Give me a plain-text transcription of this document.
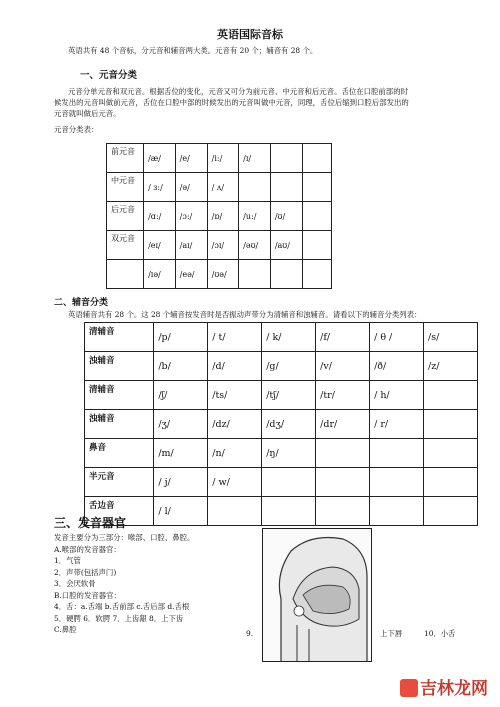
英语国际音标
英语共有 48 个音标，分元音和辅音两大类。元音有 20 个；辅音有 28 个。
一、元音分类
元音分单元音和双元音。根据舌位的变化，元音又可分为前元音、中元音和后元音。舌位在口腔前部的时
候发出的元音叫做前元音，舌位在口腔中部的时候发出的元音叫做中元音，同理，舌位后缩到口腔后部发出的
元音就叫做后元音。
元音分类表：
前元音	/æ/	/e/	/i:/	/ɪ/		
中元音	/ ɜ:/	/ə/	/ ʌ/			
后元音	/ɑ:/	/ɔ:/	/ɒ/	/u:/	/ʊ/	
双元音	/eɪ/	/aɪ/	/ɔɪ/	/əʊ/	/aʊ/	
	/ɪə/	/eə/	/ʊə/			
二、辅音分类
英语辅音共有 28 个。这 28 个辅音按发音时是否振动声带分为清辅音和浊辅音。请看以下的辅音分类列表：
清辅音	/p/	/ t/	/ k/	/f/	/ θ /	/s/
浊辅音	/b/	/d/	/g/	/v/	/ð/	/z/
清辅音	/ʃ/	/ts/	/tʃ/	/tr/	/ h/	
浊辅音	/ʒ/	/dz/	/dʒ/	/dr/	/ r/	
鼻音	/m/	/n/	/ŋ/			
半元音	/ j/	/ w/				
舌边音	/ l/					
三、发音器官
发音主要分为三部分：喉部、口腔、鼻腔。
A.喉部的发音器官：
1．气管
2．声带(包括声门)
3．会厌软骨
B.口腔的发音器官：
4．舌：a.舌端 b.舌前部 c.舌后部 d.舌根
5．硬腭 6．软腭 7．上齿龈 8．上下齿
C.鼻腔	9.	上下唇	10．小舌
吉林龙网
